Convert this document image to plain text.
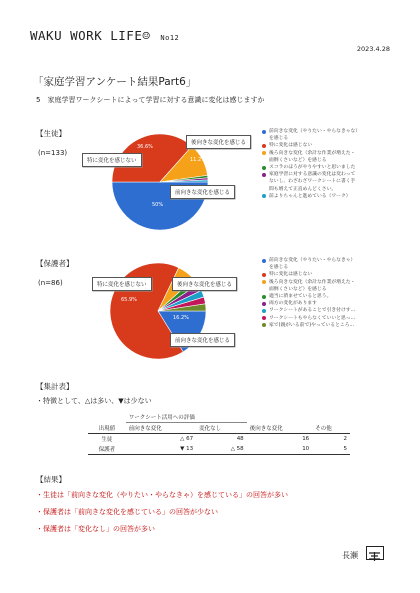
WAKU WORK LIFE☺ No12
2023.4.28
「家庭学習アンケート結果Part6」
5　家庭学習ワークシートによって学習に対する意識に変化は感じますか
【生徒】
(n=133)
後向きな変化を感じる
特に変化を感じない
前向きな変化を感じる
36.6%
11.2%
50%
前向きな変化（やりたい・やらなきゃな）
を感じる
特に変化は感じない
後ろ向きな変化（余計な作業が増えた・
面倒くさいなど）を感じる
スコラのほうがやりやすいと思いました
家庭学習に対する意識の変化は変わって
ないし、わざわざワークシートに書く手
間も増えて正直めんどくさい。
前よりちゃんと進めている（ワーク）
【保護者】
(n=86)	特に変化を感じない	後向きな変化を感じる
前向きな変化を感じる
65.9%
16.2%
前向きな変化（やりたい・やらなきゃ）
を感じる
特に変化は感じない
後ろ向きな変化（余計な作業が増えた・
面倒くさいなど）を感じる
適当に済ませていると思う。
両方の変化があります
ワークシートがあることで引き付けす...
ワークシートもやらなくていいと思っ...
家で(親がいる前で)やっているところ...
【集計表】
・特徴として、△は多い、▼は少ない
	ワークシート活用への評価			
出現値	前向きな変化	変化なし	後向きな変化	その他
生徒	△ 67	48	16	2
保護者	▼ 13	△ 58	10	5
【結果】
・生徒は「前向きな変化（やりたい・やらなきゃ）を感じている」の回答が多い
・保護者は「前向きな変化を感じている」の回答が少ない
・保護者は「変化なし」の回答が多い
長瀬
